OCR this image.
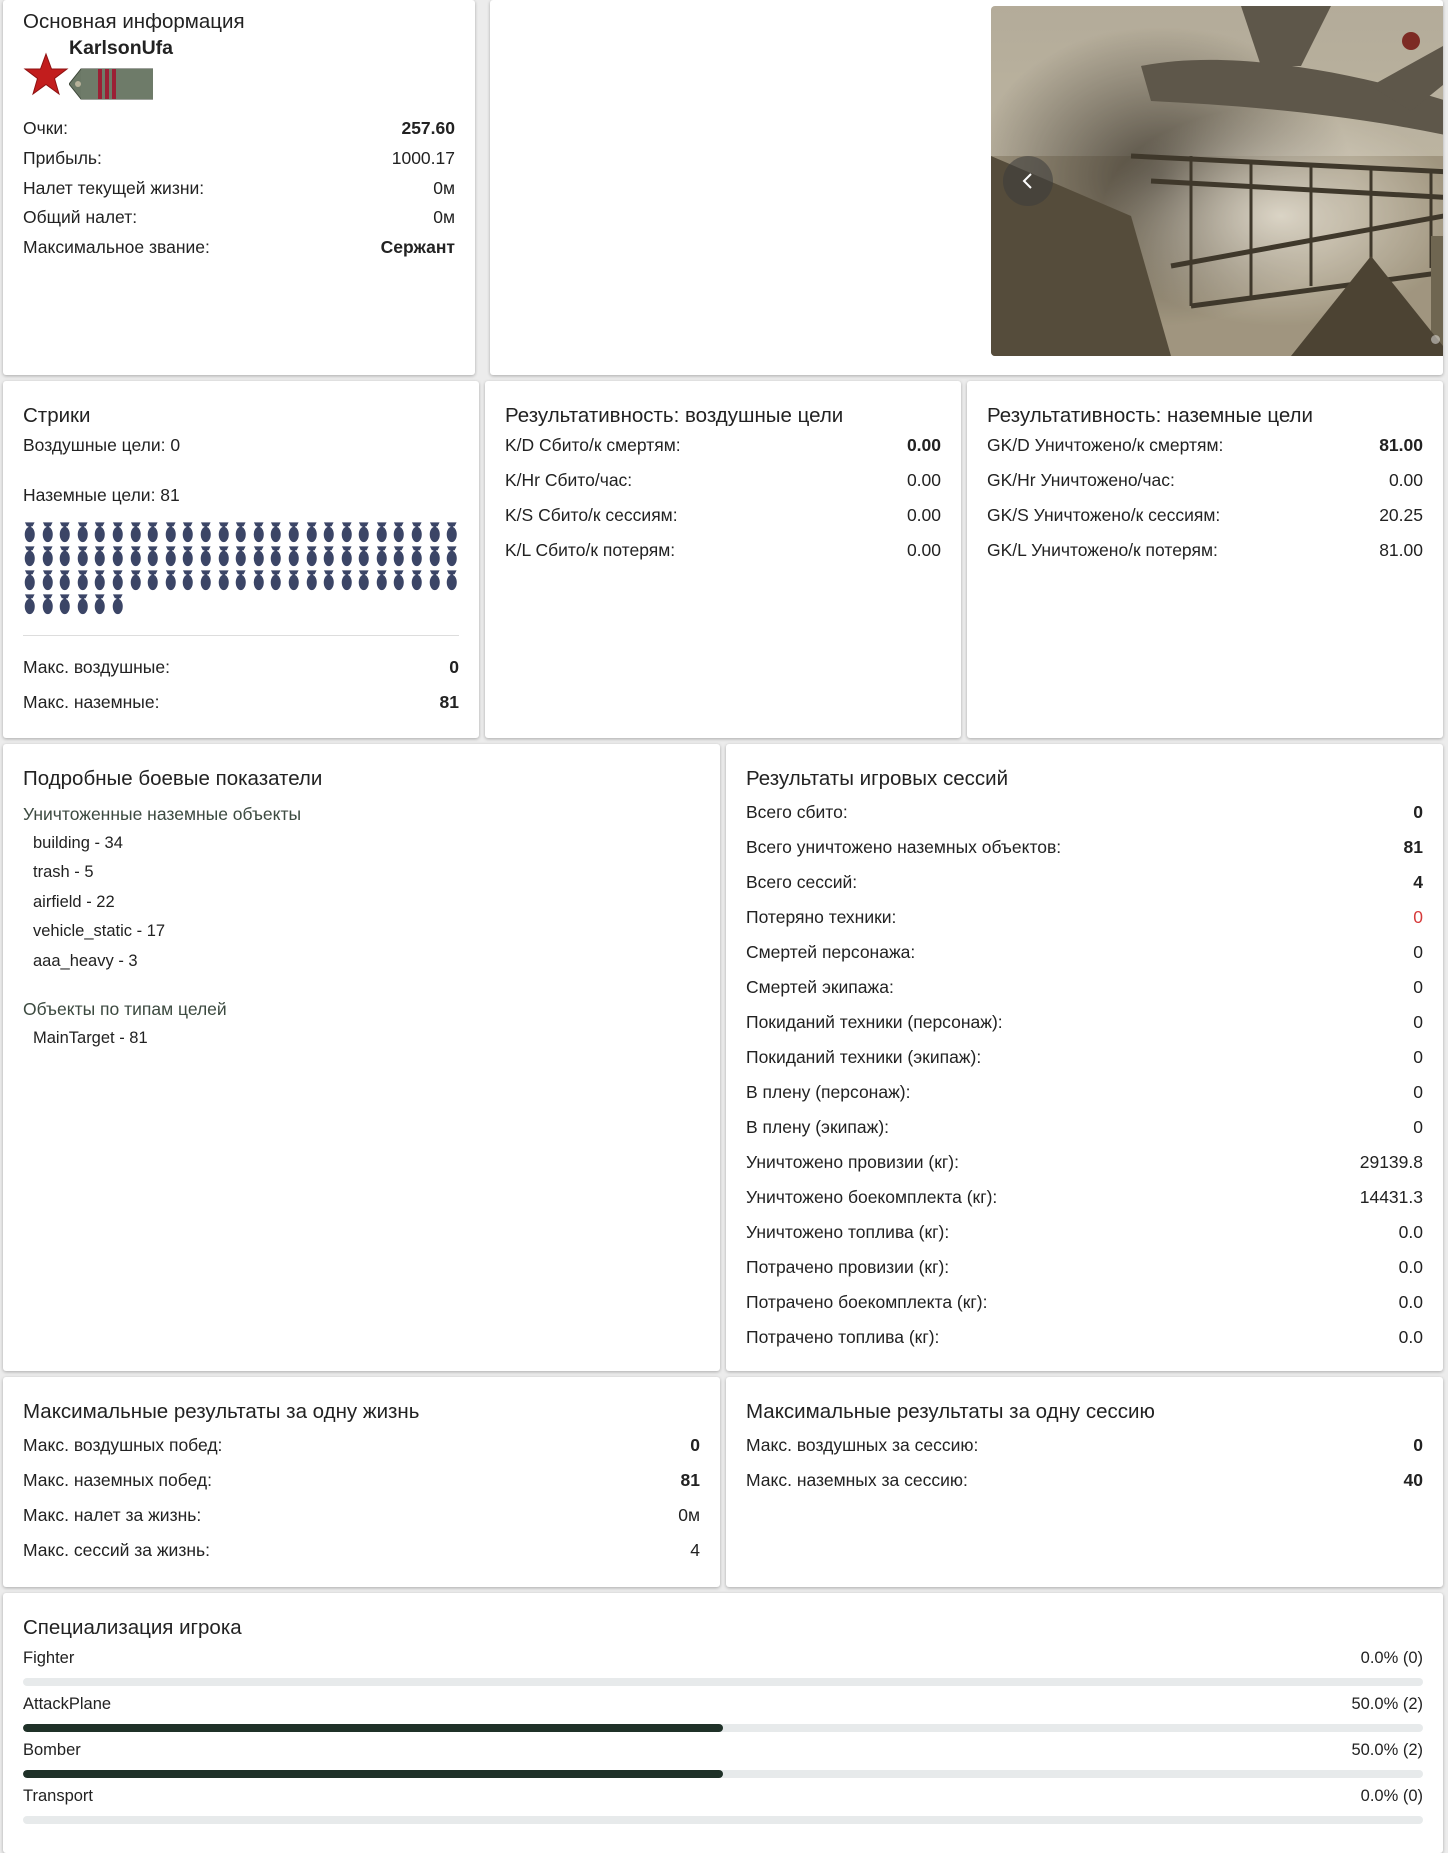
Основная информация
KarlsonUfa
Очки:	257.60
Прибыль:	1000.17
Налет текущей жизни:	0м
Общий налет:	0м
Максимальное звание:	Сержант
Стрики
Воздушные цели: 0
Наземные цели: 81
Макс. воздушные:	0
Макс. наземные:	81
Результативность: воздушные цели
K/D Сбито/к смертям:	0.00
K/Hr Сбито/час:	0.00
K/S Сбито/к сессиям:	0.00
K/L Сбито/к потерям:	0.00
Результативность: наземные цели
GK/D Уничтожено/к смертям:	81.00
GK/Hr Уничтожено/час:	0.00
GK/S Уничтожено/к сессиям:	20.25
GK/L Уничтожено/к потерям:	81.00
Подробные боевые показатели
Уничтоженные наземные объекты
building - 34
trash - 5
airfield - 22
vehicle_static - 17
aaa_heavy - 3
Объекты по типам целей
MainTarget - 81
Результаты игровых сессий
Всего сбито:	0
Всего уничтожено наземных объектов:	81
Всего сессий:	4
Потеряно техники:	0
Смертей персонажа:	0
Смертей экипажа:	0
Покиданий техники (персонаж):	0
Покиданий техники (экипаж):	0
В плену (персонаж):	0
В плену (экипаж):	0
Уничтожено провизии (кг):	29139.8
Уничтожено боекомплекта (кг):	14431.3
Уничтожено топлива (кг):	0.0
Потрачено провизии (кг):	0.0
Потрачено боекомплекта (кг):	0.0
Потрачено топлива (кг):	0.0
Максимальные результаты за одну жизнь
Макс. воздушных побед:	0
Макс. наземных побед:	81
Макс. налет за жизнь:	0м
Макс. сессий за жизнь:	4
Максимальные результаты за одну сессию
Макс. воздушных за сессию:	0
Макс. наземных за сессию:	40
Специализация игрока
Fighter	0.0% (0)
AttackPlane	50.0% (2)
Bomber	50.0% (2)
Transport	0.0% (0)
